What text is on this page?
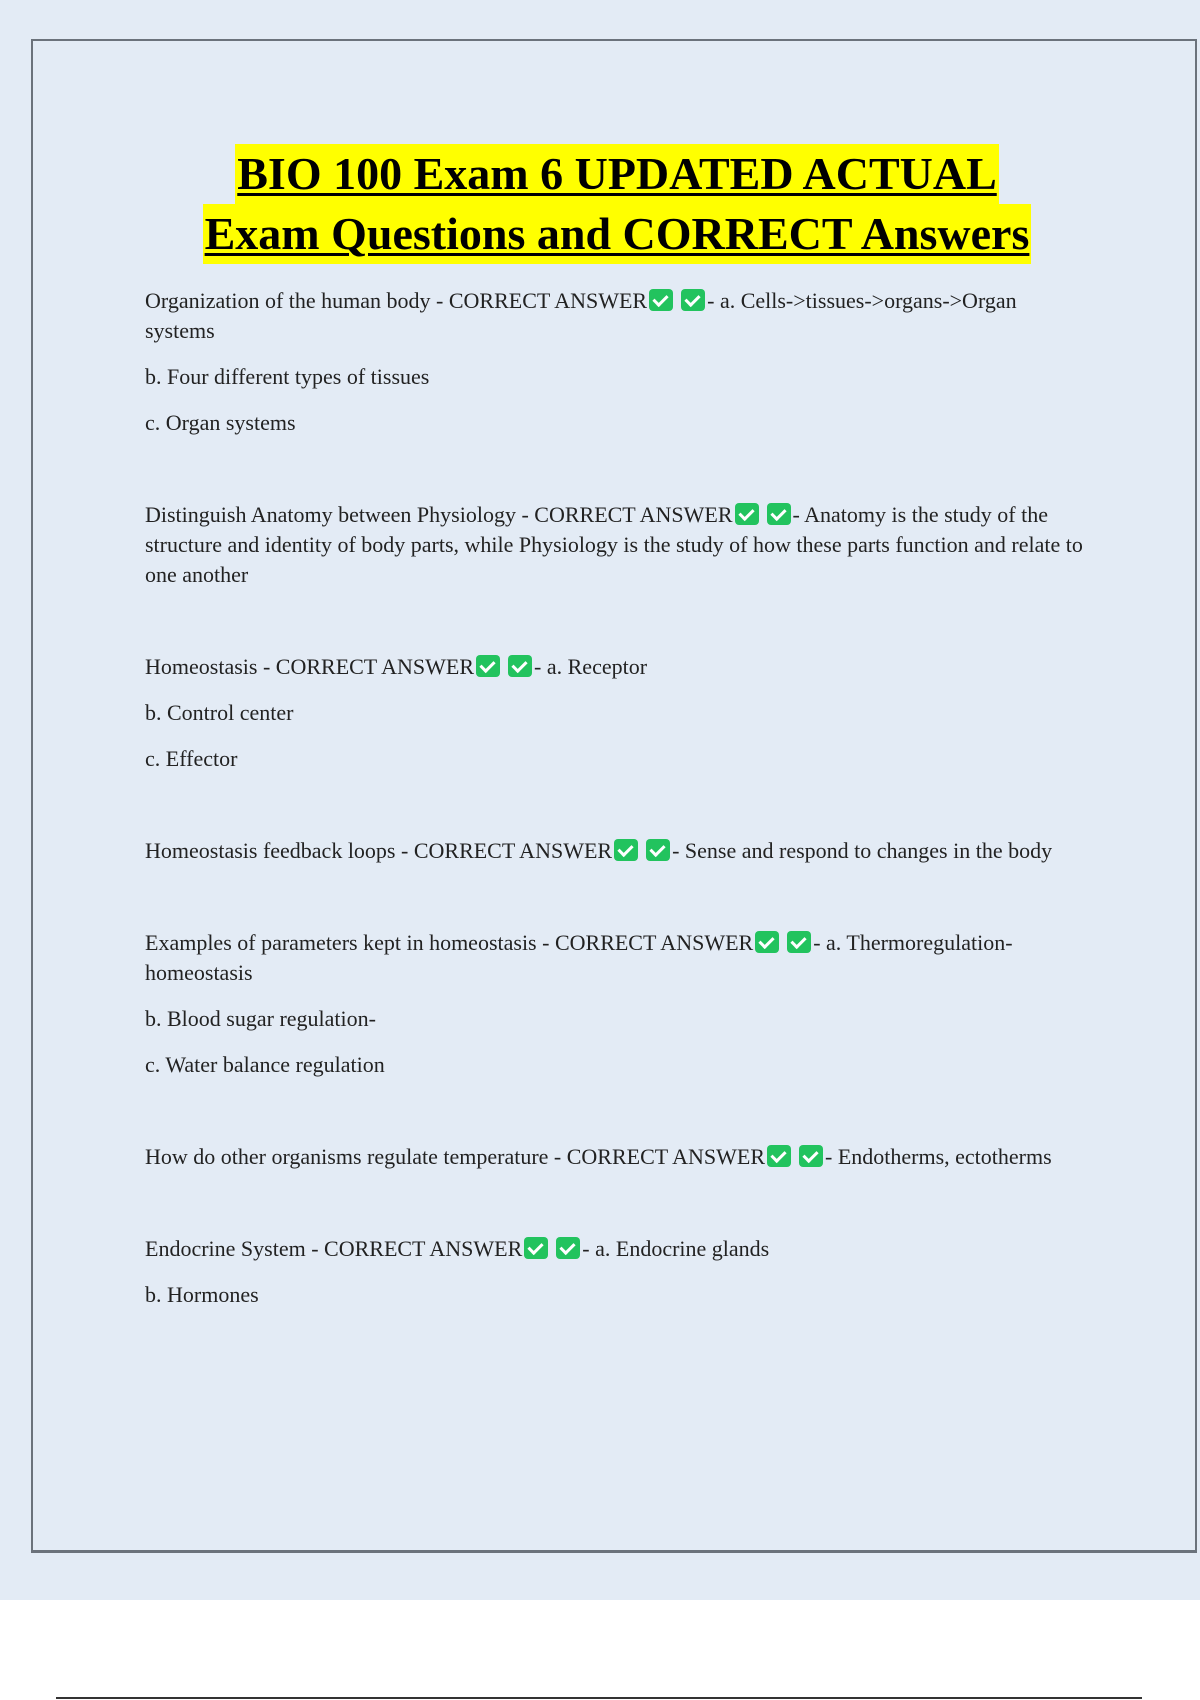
BIO 100 Exam 6 UPDATED ACTUAL
Exam Questions and CORRECT Answers

Organization of the human body - CORRECT ANSWER	- a. Cells->tissues->organs->Organ systems

b. Four different types of tissues

c. Organ systems

Distinguish Anatomy between Physiology - CORRECT ANSWER	- Anatomy is the study of the structure and identity of body parts, while Physiology is the study of how these parts function and relate to one another

Homeostasis - CORRECT ANSWER	- a. Receptor

b. Control center

c. Effector

Homeostasis feedback loops - CORRECT ANSWER	- Sense and respond to changes in the body

Examples of parameters kept in homeostasis - CORRECT ANSWER	- a. Thermoregulation-homeostasis

b. Blood sugar regulation-

c. Water balance regulation

How do other organisms regulate temperature - CORRECT ANSWER	- Endotherms, ectotherms

Endocrine System - CORRECT ANSWER	- a. Endocrine glands

b. Hormones
